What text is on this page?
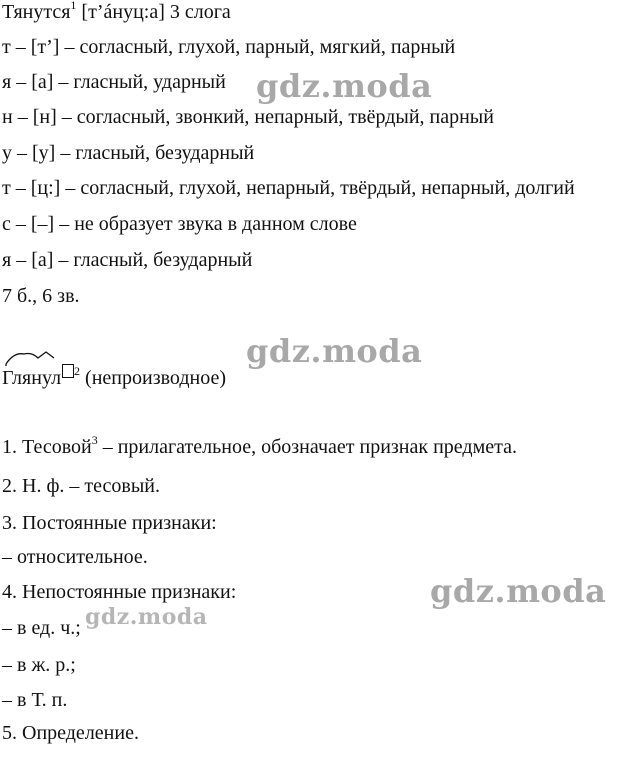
Тянутся$^1$ [т’áнуц:а] 3 слога
т – [т’] – согласный, глухой, парный, мягкий, парный
я – [а] – гласный, ударный
н – [н] – согласный, звонкий, непарный, твёрдый, парный
у – [у] – гласный, безударный
т – [ц:] – согласный, глухой, непарный, твёрдый, непарный, долгий
с – [–] – не образует звука в данном слове
я – [а] – гласный, безударный
7 б., 6 зв.
Глянул $^2$ (непроизводное)
1. Тесовой$^3$ – прилагательное, обозначает признак предмета.
2. Н. ф. – тесовый.
3. Постоянные признаки:
– относительное.
4. Непостоянные признаки:
– в ед. ч.;
– в ж. р.;
– в Т. п.
5. Определение.
gdz.moda
gdz.moda
gdz.moda
gdz.moda
